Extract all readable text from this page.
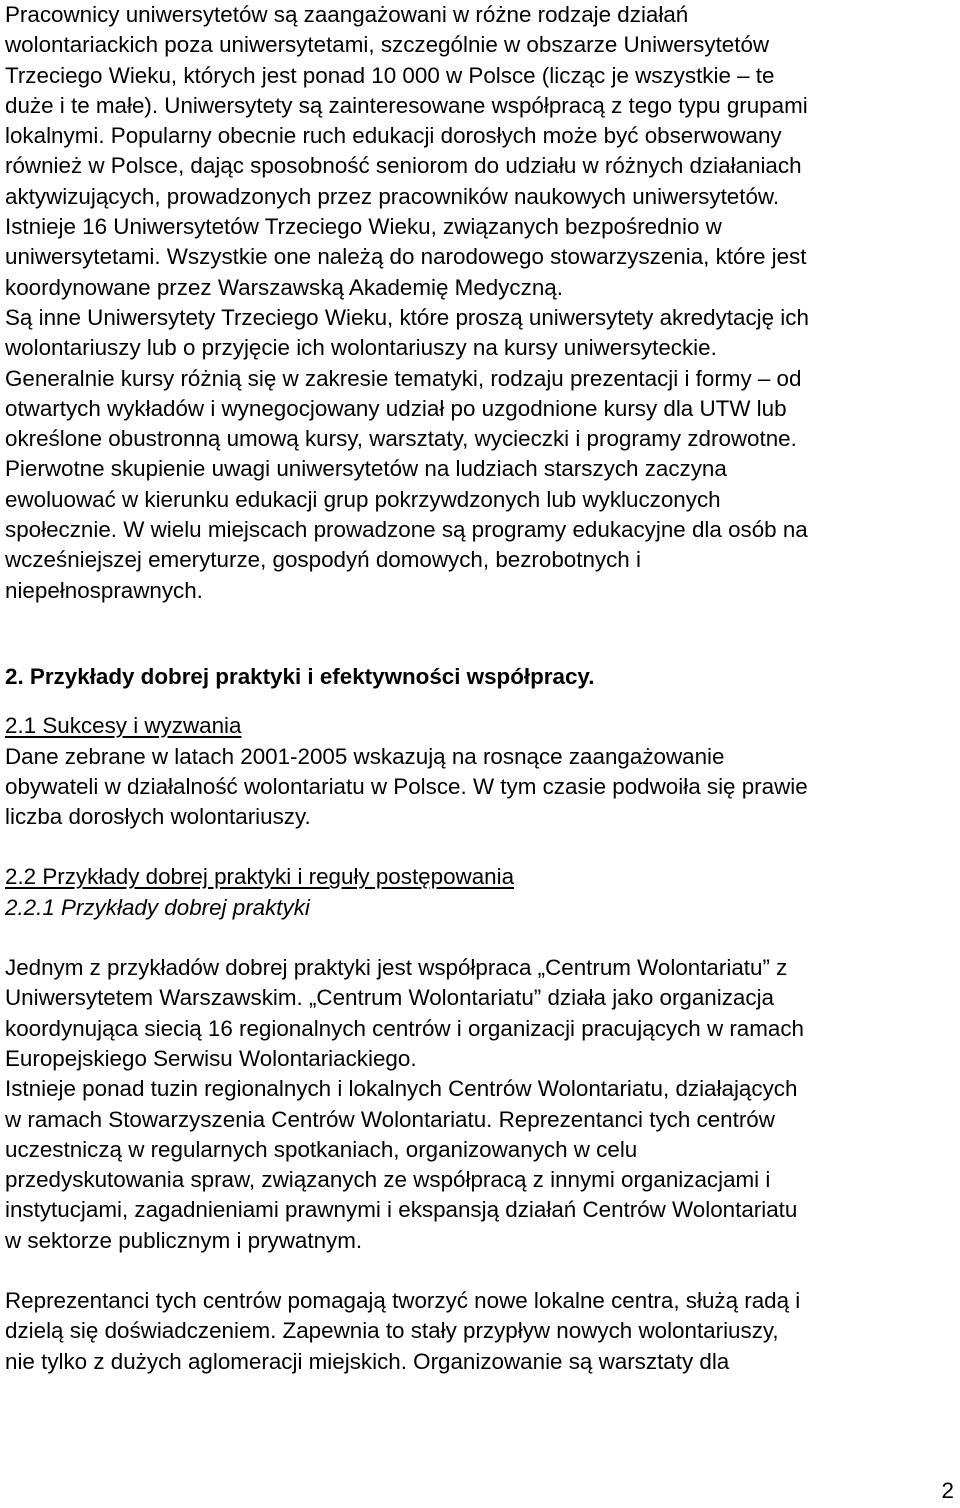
Pracownicy uniwersytetów są zaangażowani w różne rodzaje działań
wolontariackich poza uniwersytetami, szczególnie w obszarze Uniwersytetów
Trzeciego Wieku, których jest ponad 10 000 w Polsce (licząc je wszystkie – te
duże i te małe). Uniwersytety są zainteresowane współpracą z tego typu grupami
lokalnymi. Popularny obecnie ruch edukacji dorosłych może być obserwowany
również w Polsce, dając sposobność seniorom do udziału w różnych działaniach
aktywizujących, prowadzonych przez pracowników naukowych uniwersytetów.
Istnieje 16 Uniwersytetów Trzeciego Wieku, związanych bezpośrednio w
uniwersytetami. Wszystkie one należą do narodowego stowarzyszenia, które jest
koordynowane przez Warszawską Akademię Medyczną.
Są inne Uniwersytety Trzeciego Wieku, które proszą uniwersytety akredytację ich
wolontariuszy lub o przyjęcie ich wolontariuszy na kursy uniwersyteckie.
Generalnie kursy różnią się w zakresie tematyki, rodzaju prezentacji i formy – od
otwartych wykładów i wynegocjowany udział po uzgodnione kursy dla UTW lub
określone obustronną umową kursy, warsztaty, wycieczki i programy zdrowotne.
Pierwotne skupienie uwagi uniwersytetów na ludziach starszych zaczyna
ewoluować w kierunku edukacji grup pokrzywdzonych lub wykluczonych
społecznie. W wielu miejscach prowadzone są programy edukacyjne dla osób na
wcześniejszej emeryturze, gospodyń domowych, bezrobotnych i
niepełnosprawnych.
2. Przykłady dobrej praktyki i efektywności współpracy.
2.1 Sukcesy i wyzwania
Dane zebrane w latach 2001-2005 wskazują na rosnące zaangażowanie
obywateli w działalność wolontariatu w Polsce. W tym czasie podwoiła się prawie
liczba dorosłych wolontariuszy.
2.2 Przykłady dobrej praktyki i reguły postępowania
2.2.1 Przykłady dobrej praktyki
Jednym z przykładów dobrej praktyki jest współpraca „Centrum Wolontariatu” z
Uniwersytetem Warszawskim. „Centrum Wolontariatu” działa jako organizacja
koordynująca siecią 16 regionalnych centrów i organizacji pracujących w ramach
Europejskiego Serwisu Wolontariackiego.
Istnieje ponad tuzin regionalnych i lokalnych Centrów Wolontariatu, działających
w ramach Stowarzyszenia Centrów Wolontariatu. Reprezentanci tych centrów
uczestniczą w regularnych spotkaniach, organizowanych w celu
przedyskutowania spraw, związanych ze współpracą z innymi organizacjami i
instytucjami, zagadnieniami prawnymi i ekspansją działań Centrów Wolontariatu
w sektorze publicznym i prywatnym.
Reprezentanci tych centrów pomagają tworzyć nowe lokalne centra, służą radą i
dzielą się doświadczeniem. Zapewnia to stały przypływ nowych wolontariuszy,
nie tylko z dużych aglomeracji miejskich. Organizowanie są warsztaty dla
2
